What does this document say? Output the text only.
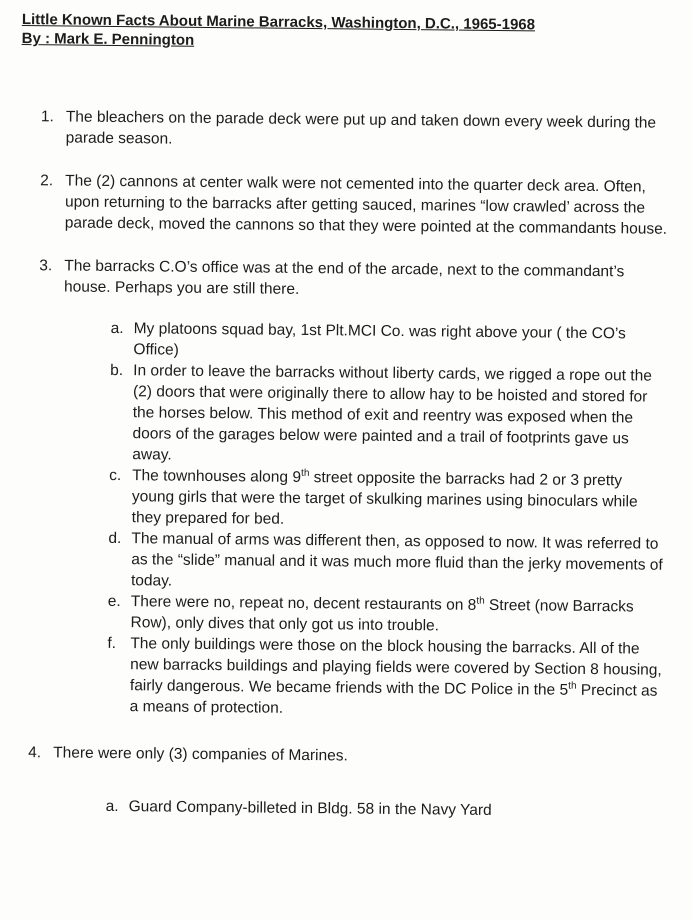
Little Known Facts About Marine Barracks, Washington, D.C., 1965-1968

By : Mark E. Pennington

1. The bleachers on the parade deck were put up and taken down every week during the parade season.
2. The (2) cannons at center walk were not cemented into the quarter deck area. Often, upon returning to the barracks after getting sauced, marines “low crawled’ across the parade deck, moved the cannons so that they were pointed at the commandants house.
3. The barracks C.O’s office was at the end of the arcade, next to the commandant’s house. Perhaps you are still there.
a. My platoons squad bay, 1st Plt.MCI Co. was right above your ( the CO’s Office)
b. In order to leave the barracks without liberty cards, we rigged a rope out the (2) doors that were originally there to allow hay to be hoisted and stored for the horses below. This method of exit and reentry was exposed when the doors of the garages below were painted and a trail of footprints gave us away.
c. The townhouses along 9th street opposite the barracks had 2 or 3 pretty young girls that were the target of skulking marines using binoculars while they prepared for bed.
d. The manual of arms was different then, as opposed to now. It was referred to as the “slide” manual and it was much more fluid than the jerky movements of today.
e. There were no, repeat no, decent restaurants on 8th Street (now Barracks Row), only dives that only got us into trouble.
f. The only buildings were those on the block housing the barracks. All of the new barracks buildings and playing fields were covered by Section 8 housing, fairly dangerous. We became friends with the DC Police in the 5th Precinct as a means of protection.
4. There were only (3) companies of Marines.
a. Guard Company-billeted in Bldg. 58 in the Navy Yard
